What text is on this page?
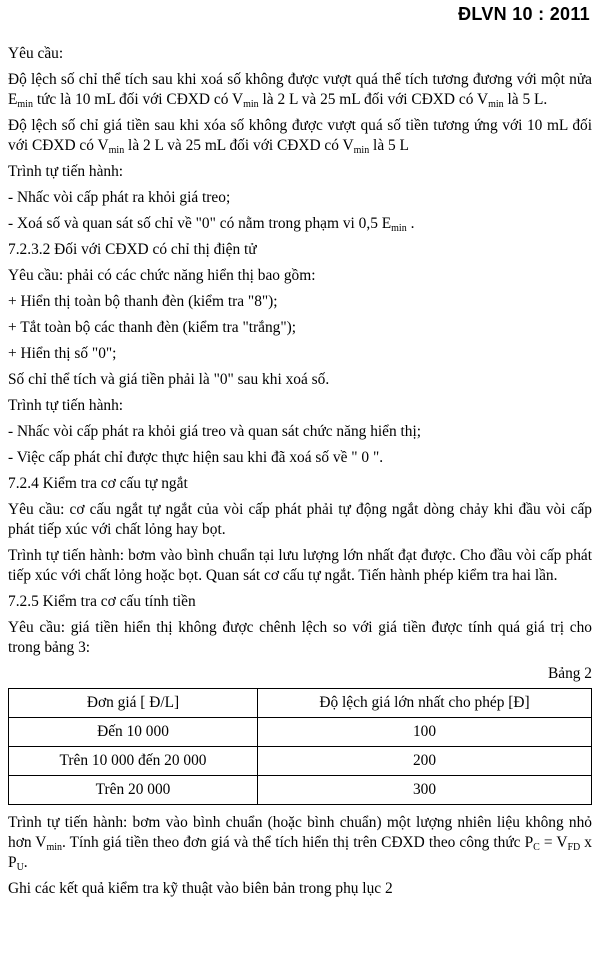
ĐLVN 10 : 2011

Yêu cầu:

Độ lệch số chỉ thể tích sau khi xoá số không được vượt quá thể tích tương đương với một nửa $E_{min}$ tức là 10 mL đối với CĐXD có $V_{min}$ là 2 L và 25 mL đối với CĐXD có $V_{min}$ là 5 L.

Độ lệch số chỉ giá tiền sau khi xóa số không được vượt quá số tiền tương ứng với 10 mL đối với CĐXD có $V_{min}$ là 2 L và 25 mL đối với CĐXD có $V_{min}$ là 5 L

Trình tự tiến hành:

- Nhấc vòi cấp phát ra khỏi giá treo;

- Xoá số và quan sát số chỉ về "0" có nằm trong phạm vi 0,5 $E_{min}$ .

7.2.3.2 Đối với CĐXD có chỉ thị điện tử

Yêu cầu: phải có các chức năng hiển thị bao gồm:

+ Hiển thị toàn bộ thanh đèn (kiểm tra "8");

+ Tắt toàn bộ các thanh đèn (kiểm tra "trắng");

+ Hiển thị số "0";

Số chỉ thể tích và giá tiền phải là "0" sau khi xoá số.

Trình tự tiến hành:

- Nhấc vòi cấp phát ra khỏi giá treo và quan sát chức năng hiển thị;

- Việc cấp phát chỉ được thực hiện sau khi đã xoá số về " 0 ".

7.2.4 Kiểm tra cơ cấu tự ngắt

Yêu cầu: cơ cấu ngắt tự ngắt của vòi cấp phát phải tự động ngắt dòng chảy khi đầu vòi cấp phát tiếp xúc với chất lỏng hay bọt.

Trình tự tiến hành: bơm vào bình chuẩn tại lưu lượng lớn nhất đạt được. Cho đầu vòi cấp phát tiếp xúc với chất lỏng hoặc bọt. Quan sát cơ cấu tự ngắt. Tiến hành phép kiểm tra hai lần.

7.2.5 Kiểm tra cơ cấu tính tiền

Yêu cầu: giá tiền hiển thị không được chênh lệch so với giá tiền được tính quá giá trị cho trong bảng 3:

Bảng 2
Đơn giá [ Đ/L]	Độ lệch giá lớn nhất cho phép [Đ]
Đến 10 000	100
Trên 10 000 đến 20 000	200
Trên 20 000	300

Trình tự tiến hành: bơm vào bình chuẩn (hoặc bình chuẩn) một lượng nhiên liệu không nhỏ hơn $V_{min}$. Tính giá tiền theo đơn giá và thể tích hiển thị trên CĐXD theo công thức $P_C = V_{FD}$ x $P_U$.

Ghi các kết quả kiểm tra kỹ thuật vào biên bản trong phụ lục 2
